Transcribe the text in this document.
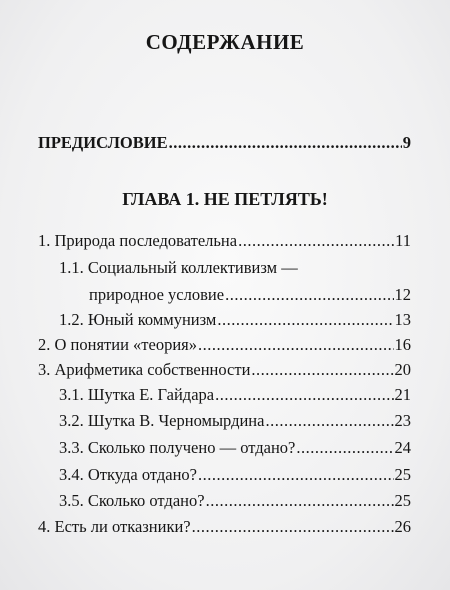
СОДЕРЖАНИЕ
ПРЕДИСЛОВИЕ .....	9
ГЛАВА 1. НЕ ПЕТЛЯТЬ!
1. Природа последовательна .....	11
1.1. Социальный коллективизм —
природное условие .....	12
1.2. Юный коммунизм .....	13
2. О понятии «теория» .....	16
3. Арифметика собственности .....	20
3.1. Шутка Е. Гайдара .....	21
3.2. Шутка В. Черномырдина .....	23
3.3. Сколько получено — отдано? .....	24
3.4. Откуда отдано? .....	25
3.5. Сколько отдано? .....	25
4. Есть ли отказники? .....	26
